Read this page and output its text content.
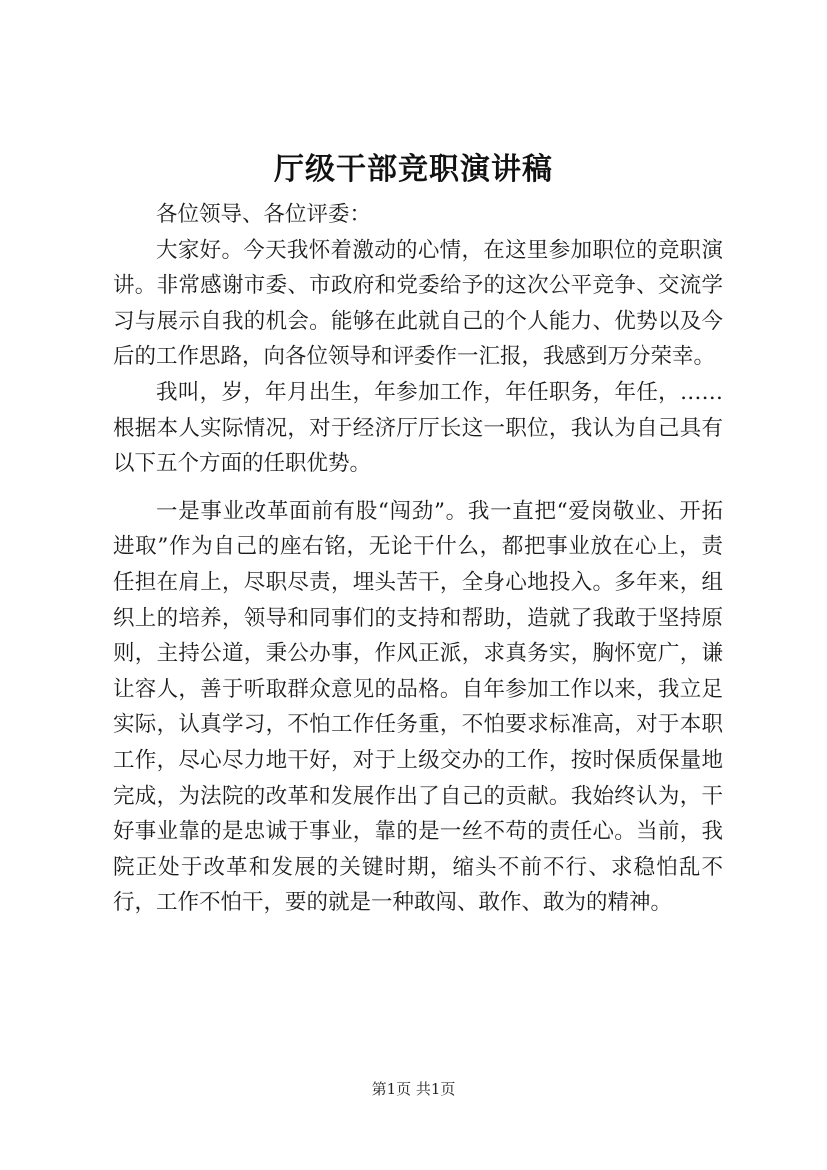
厅级干部竞职演讲稿

各位领导、各位评委：

大家好。今天我怀着激动的心情，在这里参加职位的竞职演讲。非常感谢市委、市政府和党委给予的这次公平竞争、交流学习与展示自我的机会。能够在此就自己的个人能力、优势以及今后的工作思路，向各位领导和评委作一汇报，我感到万分荣幸。

我叫，岁，年月出生，年参加工作，年任职务，年任，……根据本人实际情况，对于经济厅厅长这一职位，我认为自己具有以下五个方面的任职优势。

一是事业改革面前有股“闯劲”。我一直把“爱岗敬业、开拓进取”作为自己的座右铭，无论干什么，都把事业放在心上，责任担在肩上，尽职尽责，埋头苦干，全身心地投入。多年来，组织上的培养，领导和同事们的支持和帮助，造就了我敢于坚持原则，主持公道，秉公办事，作风正派，求真务实，胸怀宽广，谦让容人，善于听取群众意见的品格。自年参加工作以来，我立足实际，认真学习，不怕工作任务重，不怕要求标准高，对于本职工作，尽心尽力地干好，对于上级交办的工作，按时保质保量地完成，为法院的改革和发展作出了自己的贡献。我始终认为，干好事业靠的是忠诚于事业，靠的是一丝不苟的责任心。当前，我院正处于改革和发展的关键时期，缩头不前不行、求稳怕乱不行，工作不怕干，要的就是一种敢闯、敢作、敢为的精神。

第1页 共1页
